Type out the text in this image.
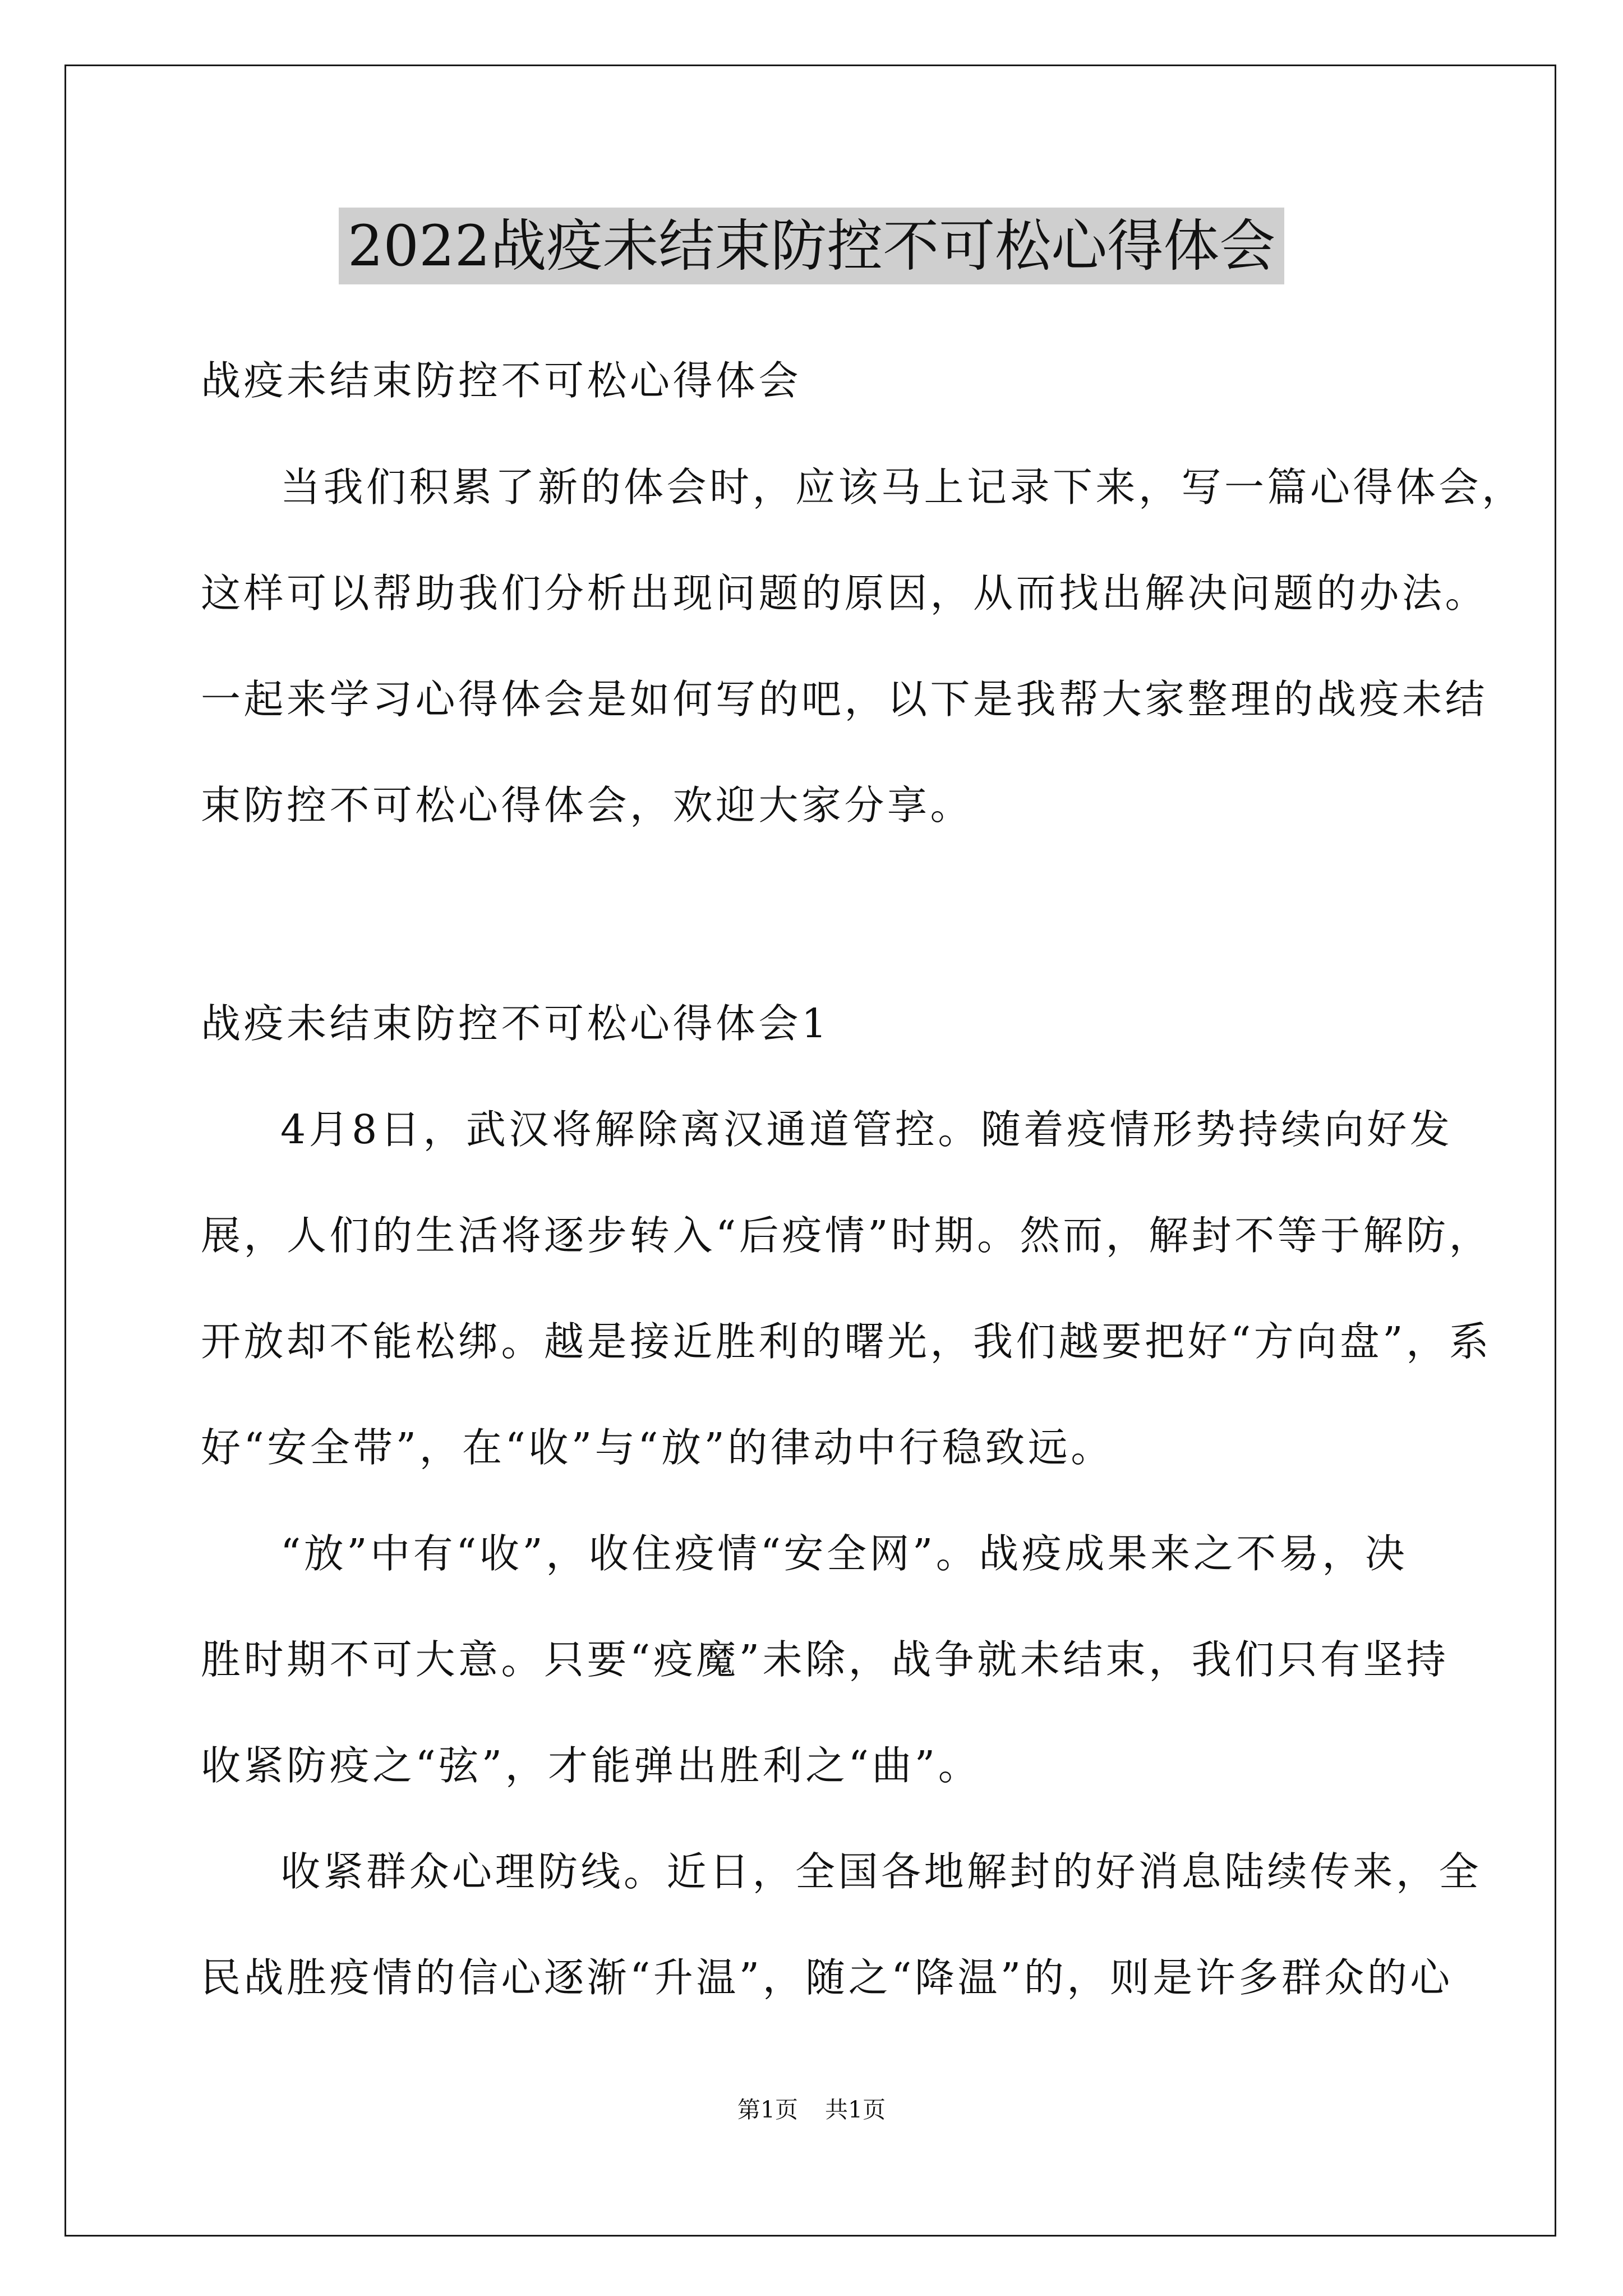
2022战疫未结束防控不可松心得体会
战疫未结束防控不可松心得体会
当我们积累了新的体会时，应该马上记录下来，写一篇心得体会，
这样可以帮助我们分析出现问题的原因，从而找出解决问题的办法。
一起来学习心得体会是如何写的吧，以下是我帮大家整理的战疫未结
束防控不可松心得体会，欢迎大家分享。
战疫未结束防控不可松心得体会1
4月8日，武汉将解除离汉通道管控。随着疫情形势持续向好发
展，人们的生活将逐步转入“后疫情”时期。然而，解封不等于解防，
开放却不能松绑。越是接近胜利的曙光，我们越要把好“方向盘”，系
好“安全带”，在“收”与“放”的律动中行稳致远。
“放”中有“收”，收住疫情“安全网”。战疫成果来之不易，决
胜时期不可大意。只要“疫魔”未除，战争就未结束，我们只有坚持
收紧防疫之“弦”，才能弹出胜利之“曲”。
收紧群众心理防线。近日，全国各地解封的好消息陆续传来，全
民战胜疫情的信心逐渐“升温”，随之“降温”的，则是许多群众的心
第1页 共1页
